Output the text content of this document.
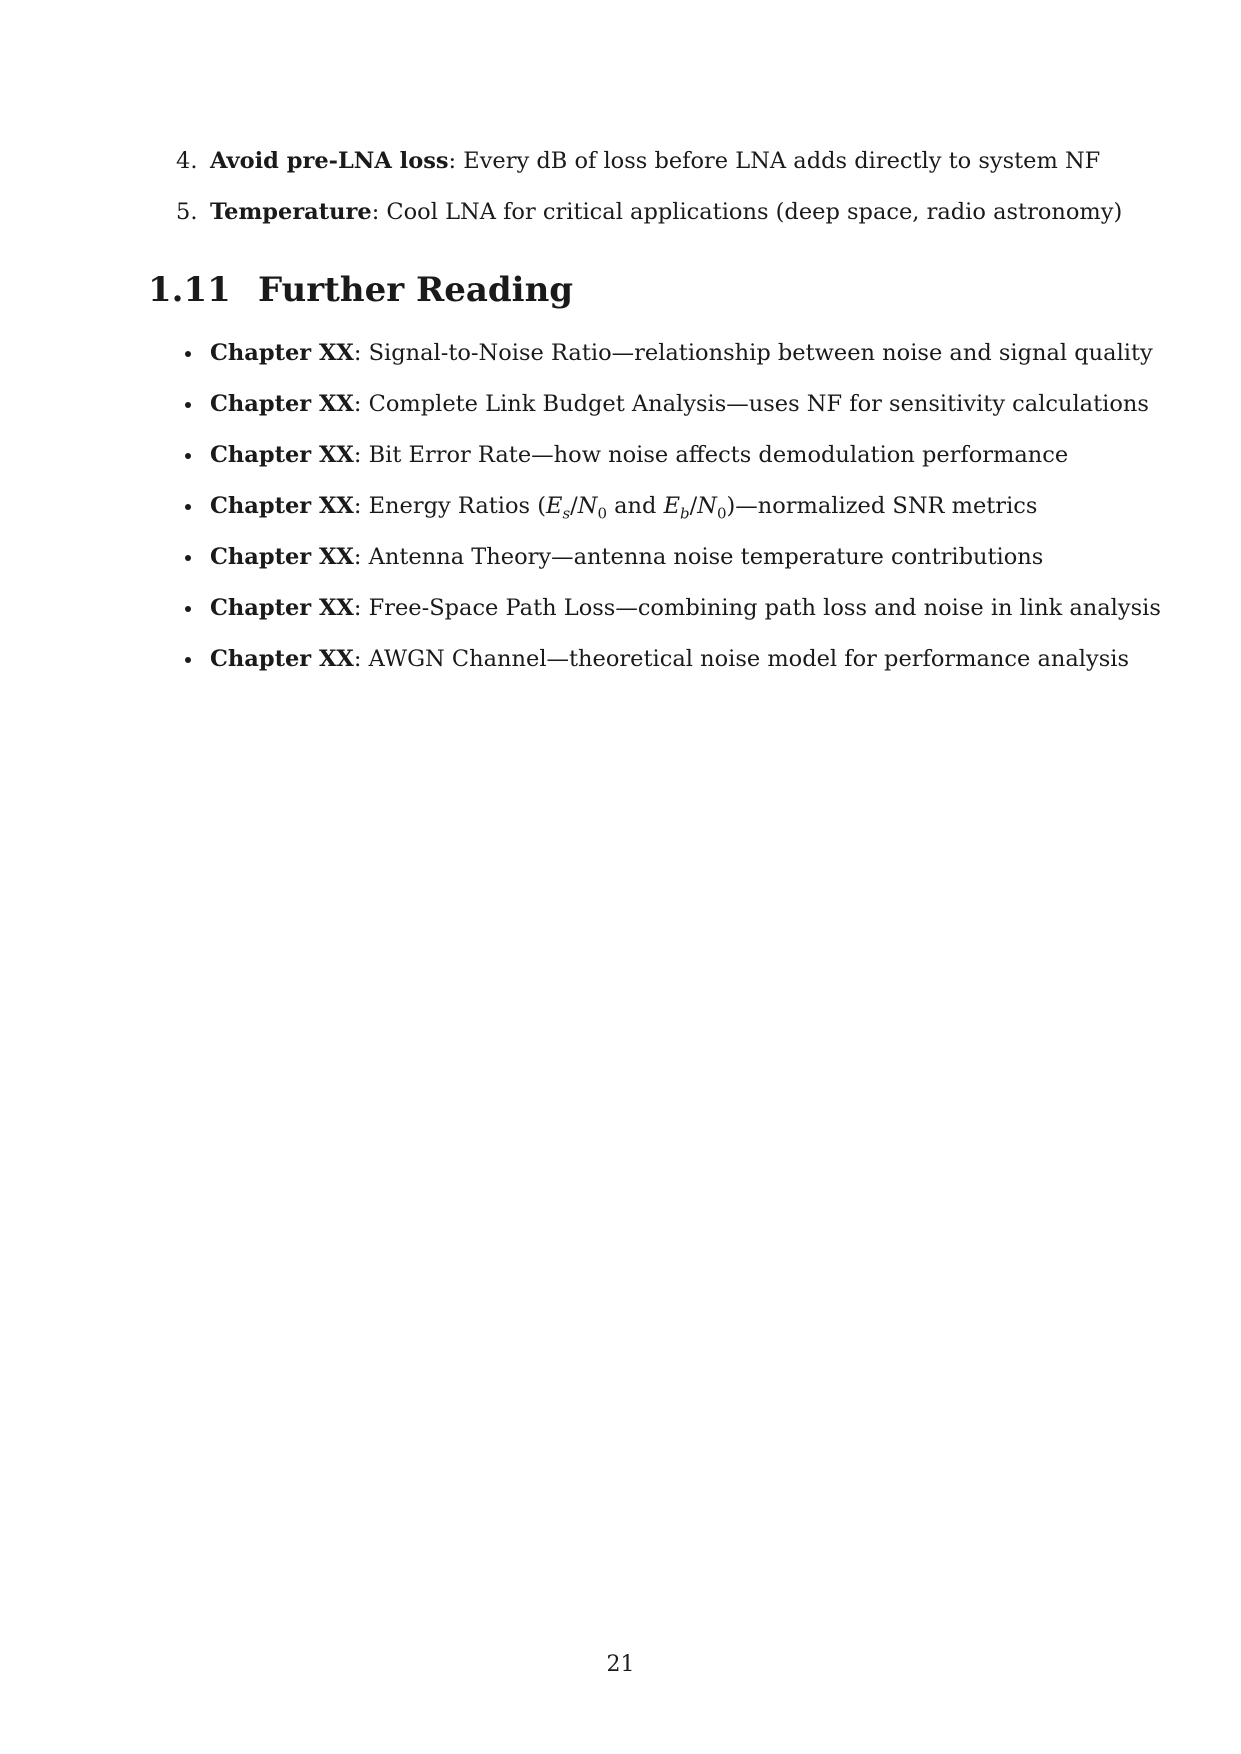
4. Avoid pre-LNA loss: Every dB of loss before LNA adds directly to system NF
5. Temperature: Cool LNA for critical applications (deep space, radio astronomy)
1.11 Further Reading
Chapter XX: Signal-to-Noise Ratio—relationship between noise and signal quality
Chapter XX: Complete Link Budget Analysis—uses NF for sensitivity calculations
Chapter XX: Bit Error Rate—how noise affects demodulation performance
Chapter XX: Energy Ratios ($E_s/N_0$ and $E_b/N_0)—normalized$ SNR metrics
Chapter XX: Antenna Theory—antenna noise temperature contributions
Chapter XX: Free-Space Path Loss—combining path loss and noise in link analysis
Chapter XX: AWGN Channel—theoretical noise model for performance analysis
21
